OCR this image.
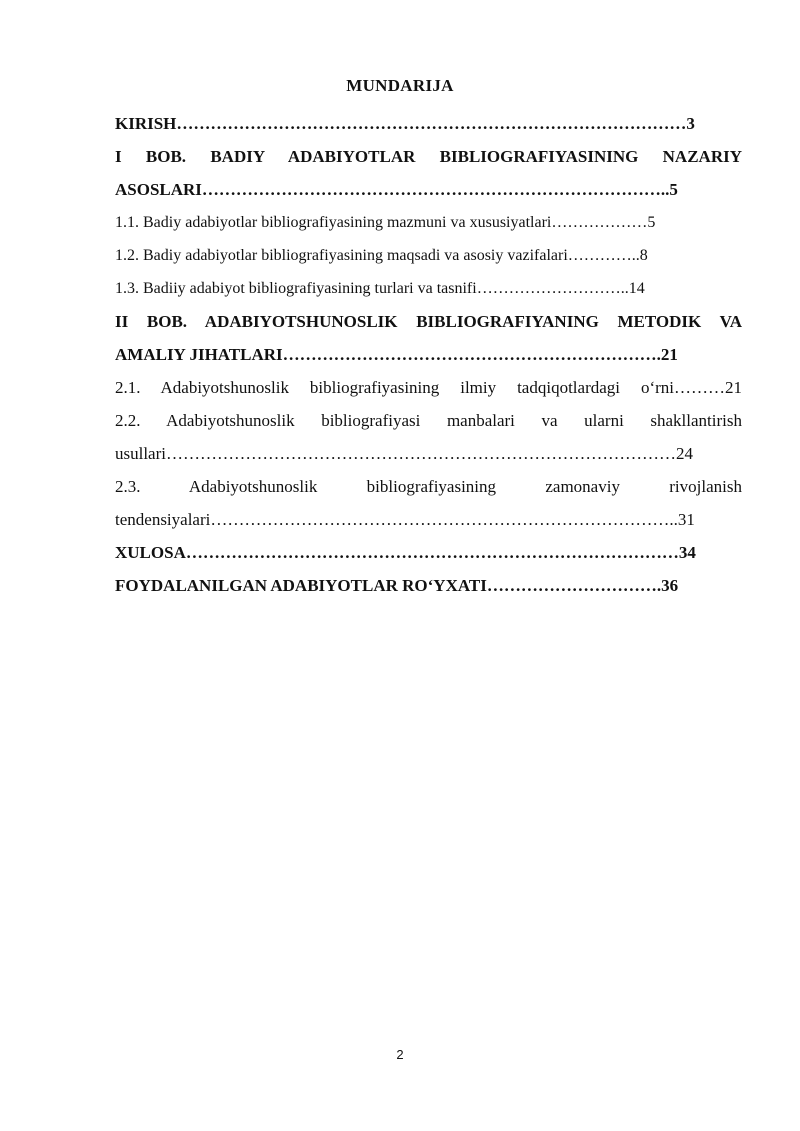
MUNDARIJA
KIRISH………………………………………………………………………………3
I BOB. BADIY ADABIYOTLAR BIBLIOGRAFIYASINING NAZARIY
ASOSLARI………………………………………………………………………..5
1.1. Badiy adabiyotlar bibliografiyasining mazmuni va xususiyatlari………………5
1.2. Badiy adabiyotlar bibliografiyasining maqsadi va asosiy vazifalari…………..8
1.3. Badiiy adabiyot bibliografiyasining turlari va tasnifi………………………..14
II BOB. ADABIYOTSHUNOSLIK BIBLIOGRAFIYANING METODIK VA
AMALIY JIHATLARI………………………………………………………….21
2.1. Adabiyotshunoslik bibliografiyasining ilmiy tadqiqotlardagi o‘rni………21
2.2. Adabiyotshunoslik bibliografiyasi manbalari va ularni shakllantirish
usullari………………………………………………………………………………24
2.3. Adabiyotshunoslik bibliografiyasining zamonaviy rivojlanish
tendensiyalari………………………………………………………………………..31
XULOSA……………………………………………………………………………34
FOYDALANILGAN ADABIYOTLAR RO‘YXATI………………………….36
2
